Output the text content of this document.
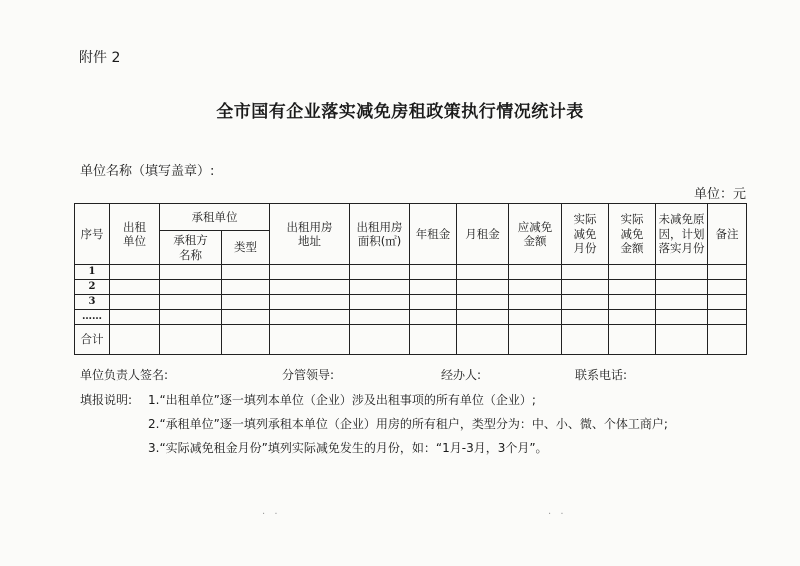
附件 2
全市国有企业落实减免房租政策执行情况统计表
单位名称（填写盖章）:
单位：元
序号	出租单位	承租单位		出租用房地址	出租用房面积(㎡)	年租金	月租金	应减免金额	实际减免月份	实际减免金额	未减免原因，计划落实月份	备注

		承租方名称	类型									
1												
2												
3												
……												
合计												
单位负责人签名:	分管领导:	经办人:	联系电话:
填报说明: 1.“出租单位”逐一填列本单位（企业）涉及出租事项的所有单位（企业）;
2.“承租单位”逐一填列承租本单位（企业）用房的所有租户，类型分为：中、小、微、个体工商户;
3.“实际减免租金月份”填列实际减免发生的月份，如：“1月-3月，3个月”。
· ·	· ·
